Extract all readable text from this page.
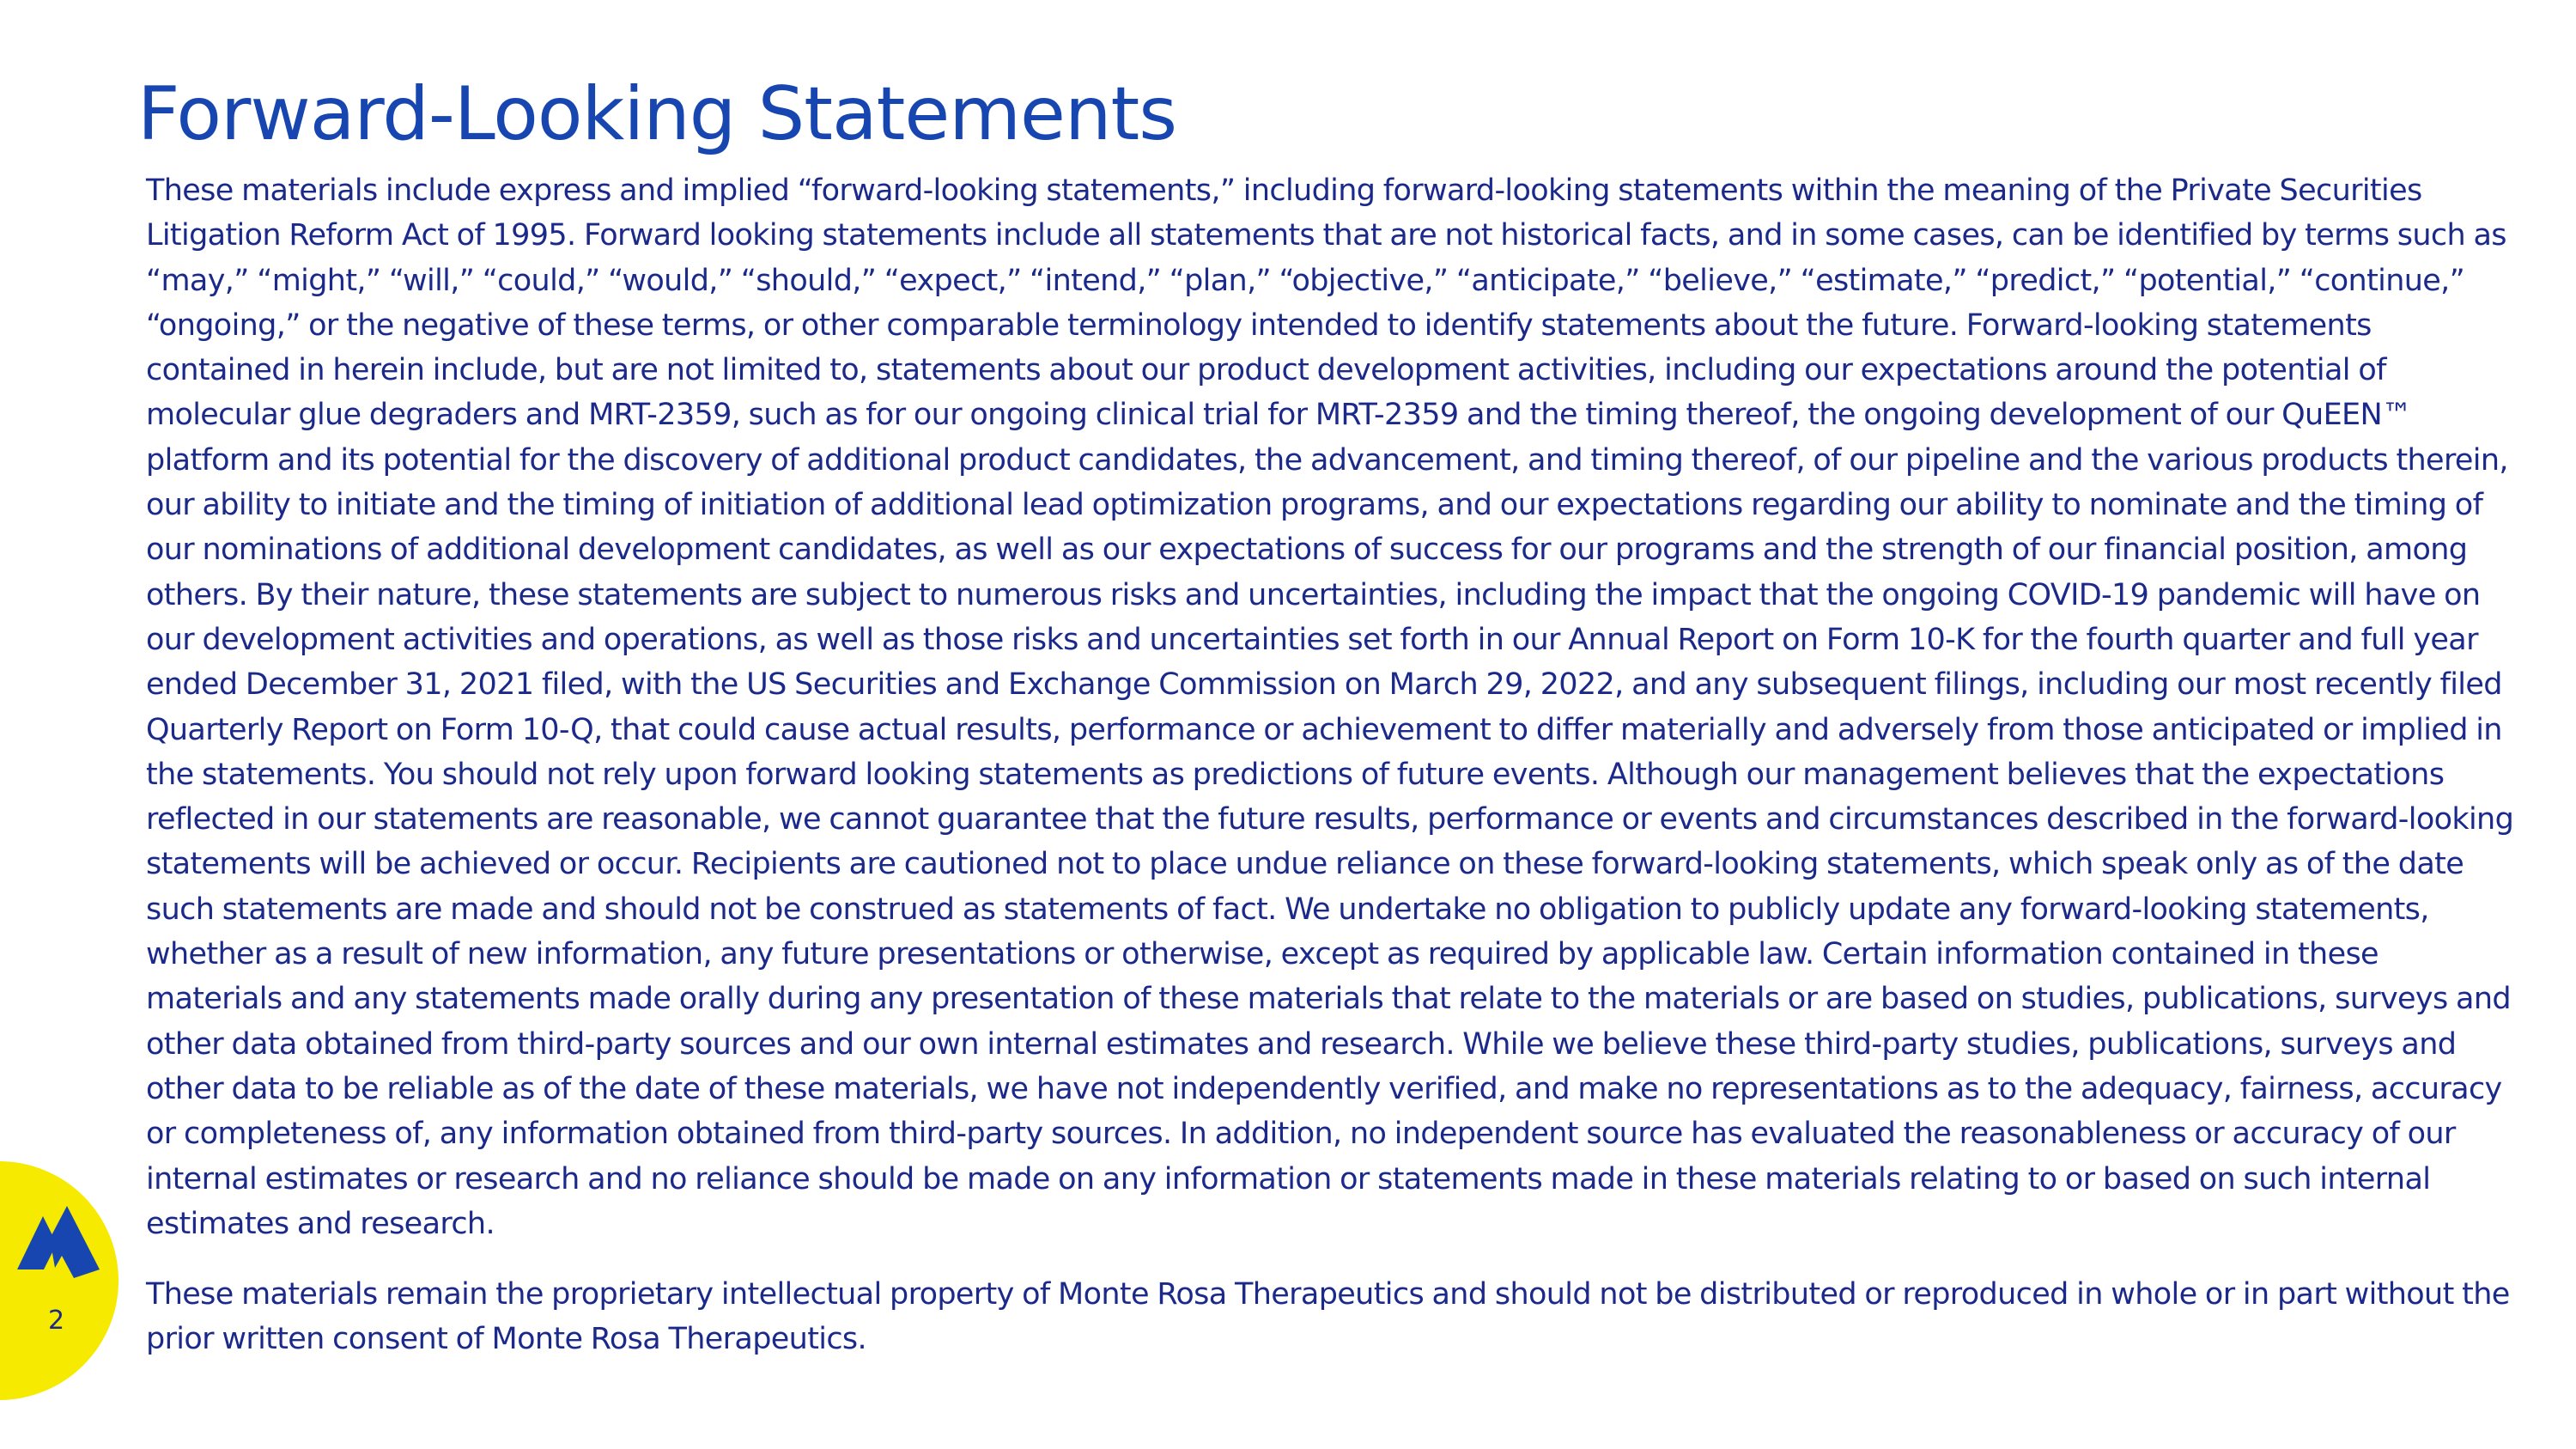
Forward-Looking Statements

These materials include express and implied “forward-looking statements,” including forward-looking statements within the meaning of the Private Securities Litigation Reform Act of 1995. Forward looking statements include all statements that are not historical facts, and in some cases, can be identified by terms such as “may,” “might,” “will,” “could,” “would,” “should,” “expect,” “intend,” “plan,” “objective,” “anticipate,” “believe,” “estimate,” “predict,” “potential,” “continue,” “ongoing,” or the negative of these terms, or other comparable terminology intended to identify statements about the future. Forward-looking statements contained in herein include, but are not limited to, statements about our product development activities, including our expectations around the potential of molecular glue degraders and MRT-2359, such as for our ongoing clinical trial for MRT-2359 and the timing thereof, the ongoing development of our QuEEN™ platform and its potential for the discovery of additional product candidates, the advancement, and timing thereof, of our pipeline and the various products therein, our ability to initiate and the timing of initiation of additional lead optimization programs, and our expectations regarding our ability to nominate and the timing of our nominations of additional development candidates, as well as our expectations of success for our programs and the strength of our financial position, among others. By their nature, these statements are subject to numerous risks and uncertainties, including the impact that the ongoing COVID-19 pandemic will have on our development activities and operations, as well as those risks and uncertainties set forth in our Annual Report on Form 10-K for the fourth quarter and full year ended December 31, 2021 filed, with the US Securities and Exchange Commission on March 29, 2022, and any subsequent filings, including our most recently filed Quarterly Report on Form 10-Q, that could cause actual results, performance or achievement to differ materially and adversely from those anticipated or implied in the statements. You should not rely upon forward looking statements as predictions of future events. Although our management believes that the expectations reflected in our statements are reasonable, we cannot guarantee that the future results, performance or events and circumstances described in the forward-looking statements will be achieved or occur. Recipients are cautioned not to place undue reliance on these forward-looking statements, which speak only as of the date such statements are made and should not be construed as statements of fact. We undertake no obligation to publicly update any forward-looking statements, whether as a result of new information, any future presentations or otherwise, except as required by applicable law. Certain information contained in these materials and any statements made orally during any presentation of these materials that relate to the materials or are based on studies, publications, surveys and other data obtained from third-party sources and our own internal estimates and research. While we believe these third-party studies, publications, surveys and other data to be reliable as of the date of these materials, we have not independently verified, and make no representations as to the adequacy, fairness, accuracy or completeness of, any information obtained from third-party sources. In addition, no independent source has evaluated the reasonableness or accuracy of our internal estimates or research and no reliance should be made on any information or statements made in these materials relating to or based on such internal estimates and research.

These materials remain the proprietary intellectual property of Monte Rosa Therapeutics and should not be distributed or reproduced in whole or in part without the prior written consent of Monte Rosa Therapeutics.

2
